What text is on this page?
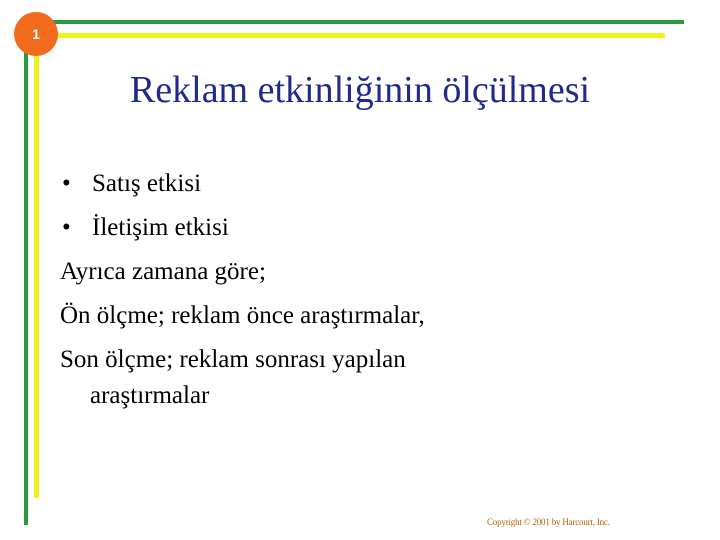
1
Reklam etkinliğinin ölçülmesi
• Satış etkisi
• İletişim etkisi
Ayrıca zamana göre;
Ön ölçme; reklam önce araştırmalar,
Son ölçme; reklam sonrası yapılan
araştırmalar
Copyright © 2001 by Harcourt, Inc.
